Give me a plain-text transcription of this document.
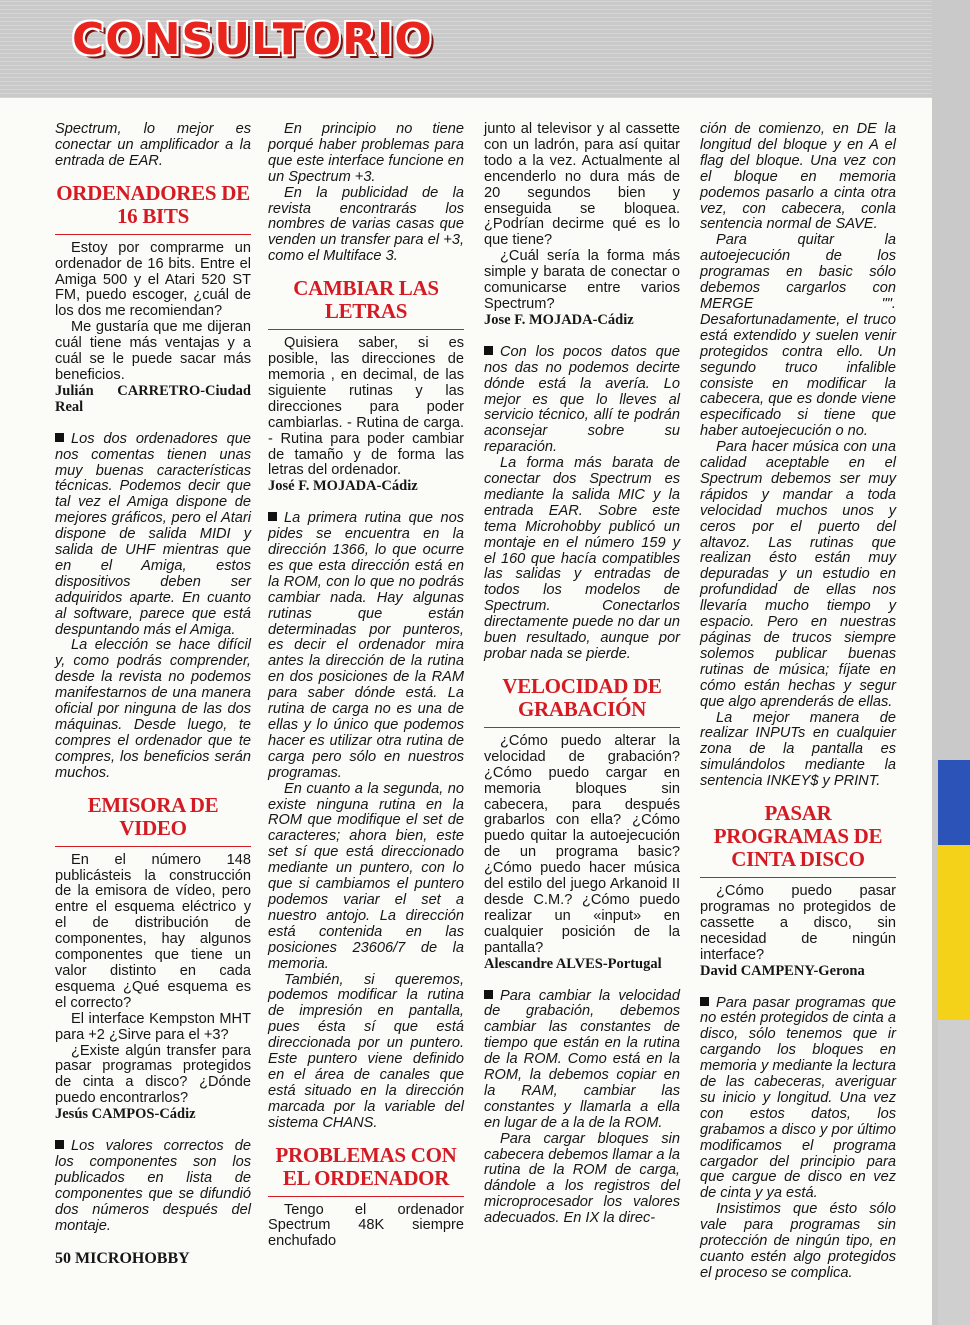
CONSULTORIO

Spectrum, lo mejor es conectar un amplificador a la entrada de EAR.

ORDENADORES DE 16 BITS

Estoy por comprarme un ordenador de 16 bits. Entre el Amiga 500 y el Atari 520 ST FM, puedo escoger, ¿cuál de los dos me recomiendan?

Me gustaría que me dijeran cuál tiene más ventajas y a cuál se le puede sacar más beneficios.

Julián CARRETRO-Ciudad Real

Los dos ordenadores que nos comentas tienen unas muy buenas características técnicas. Podemos decir que tal vez el Amiga dispone de mejores gráficos, pero el Atari dispone de salida MIDI y salida de UHF mientras que en el Amiga, estos dispositivos deben ser adquiridos aparte. En cuanto al software, parece que está despuntando más el Amiga.

La elección se hace difícil y, como podrás comprender, desde la revista no podemos manifestarnos de una manera oficial por ninguna de las dos máquinas. Desde luego, te compres el ordenador que te compres, los beneficios serán muchos.

EMISORA DE VIDEO

En el número 148 publicásteis la construcción de la emisora de vídeo, pero entre el esquema eléctrico y el de distribución de componentes, hay algunos componentes que tiene un valor distinto en cada esquema ¿Qué esquema es el correcto?

El interface Kempston MHT para +2 ¿Sirve para el +3?

¿Existe algún transfer para pasar programas protegidos de cinta a disco? ¿Dónde puedo encontrarlos?

Jesús CAMPOS-Cádiz

Los valores correctos de los componentes son los publicados en lista de componentes que se difundió dos números después del montaje.

En principio no tiene porqué haber problemas para que este interface funcione en un Spectrum +3.

En la publicidad de la revista encontrarás los nombres de varias casas que venden un transfer para el +3, como el Multiface 3.

CAMBIAR LAS LETRAS

Quisiera saber, si es posible, las direcciones de memoria , en decimal, de las siguiente rutinas y las direcciones para poder cambiarlas. - Rutina de carga. - Rutina para poder cambiar de tamaño y de forma las letras del ordenador.

José F. MOJADA-Cádiz

La primera rutina que nos pides se encuentra en la dirección 1366, lo que ocurre es que esta dirección está en la ROM, con lo que no podrás cambiar nada. Hay algunas rutinas que están determinadas por punteros, es decir el ordenador mira antes la dirección de la rutina en dos posiciones de la RAM para saber dónde está. La rutina de carga no es una de ellas y lo único que podemos hacer es utilizar otra rutina de carga pero sólo en nuestros programas.

En cuanto a la segunda, no existe ninguna rutina en la ROM que modifique el set de caracteres; ahora bien, este set sí que está direccionado mediante un puntero, con lo que si cambiamos el puntero podemos variar el set a nuestro antojo. La dirección está contenida en las posiciones 23606/7 de la memoria.

También, si queremos, podemos modificar la rutina de impresión en pantalla, pues ésta sí que está direccionada por un puntero. Este puntero viene definido en el área de canales que está situado en la dirección marcada por la variable del sistema CHANS.

PROBLEMAS CON EL ORDENADOR

Tengo el ordenador Spectrum 48K siempre enchufado

junto al televisor y al cassette con un ladrón, para así quitar todo a la vez. Actualmente al encenderlo no dura más de 20 segundos bien y enseguida se bloquea. ¿Podrían decirme qué es lo que tiene?

¿Cuál sería la forma más simple y barata de conectar o comunicarse entre varios Spectrum?

Jose F. MOJADA-Cádiz

Con los pocos datos que nos das no podemos decirte dónde está la avería. Lo mejor es que lo lleves al servicio técnico, allí te podrán aconsejar sobre su reparación.

La forma más barata de conectar dos Spectrum es mediante la salida MIC y la entrada EAR. Sobre este tema Microhobby publicó un montaje en el número 159 y el 160 que hacía compatibles las salidas y entradas de todos los modelos de Spectrum. Conectarlos directamente puede no dar un buen resultado, aunque por probar nada se pierde.

VELOCIDAD DE GRABACIÓN

¿Cómo puedo alterar la velocidad de grabación? ¿Cómo puedo cargar en memoria bloques sin cabecera, para después grabarlos con ella? ¿Cómo puedo quitar la autoejecución de un programa basic? ¿Cómo puedo hacer música del estilo del juego Arkanoid II desde C.M.? ¿Cómo puedo realizar un «input» en cualquier posición de la pantalla?

Alescandre ALVES-Portugal

Para cambiar la velocidad de grabación, debemos cambiar las constantes de tiempo que están en la rutina de la ROM. Como está en la ROM, la debemos copiar en la RAM, cambiar las constantes y llamarla a ella en lugar de a la de la ROM.

Para cargar bloques sin cabecera debemos llamar a la rutina de la ROM de carga, dándole a los registros del microprocesador los valores adecuados. En IX la direc-

ción de comienzo, en DE la longitud del bloque y en A el flag del bloque. Una vez con el bloque en memoria podemos pasarlo a cinta otra vez, con cabecera, conla sentencia normal de SAVE.

Para quitar la autoejecución de los programas en basic sólo debemos cargarlos con MERGE "". Desafortunadamente, el truco está extendido y suelen venir protegidos contra ello. Un segundo truco infalible consiste en modificar la cabecera, que es donde viene especificado si tiene que haber autoejecución o no.

Para hacer música con una calidad aceptable en el Spectrum debemos ser muy rápidos y mandar a toda velocidad muchos unos y ceros por el puerto del altavoz. Las rutinas que realizan ésto están muy depuradas y un estudio en profundidad de ellas nos llevaría mucho tiempo y espacio. Pero en nuestras páginas de trucos siempre solemos publicar buenas rutinas de música; fíjate en cómo están hechas y segur que algo aprenderás de ellas.

La mejor manera de realizar INPUTs en cualquier zona de la pantalla es simulándolos mediante la sentencia INKEY$ y PRINT.

PASAR PROGRAMAS DE CINTA DISCO

¿Cómo puedo pasar programas no protegidos de cassette a disco, sin necesidad de ningún interface?

David CAMPENY-Gerona

Para pasar programas que no estén protegidos de cinta a disco, sólo tenemos que ir cargando los bloques en memoria y mediante la lectura de las cabeceras, averiguar su inicio y longitud. Una vez con estos datos, los grabamos a disco y por último modificamos el programa cargador del principio para que cargue de disco en vez de cinta y ya está.

Insistimos que ésto sólo vale para programas sin protección de ningún tipo, en cuanto estén algo protegidos el proceso se complica.

50 MICROHOBBY
